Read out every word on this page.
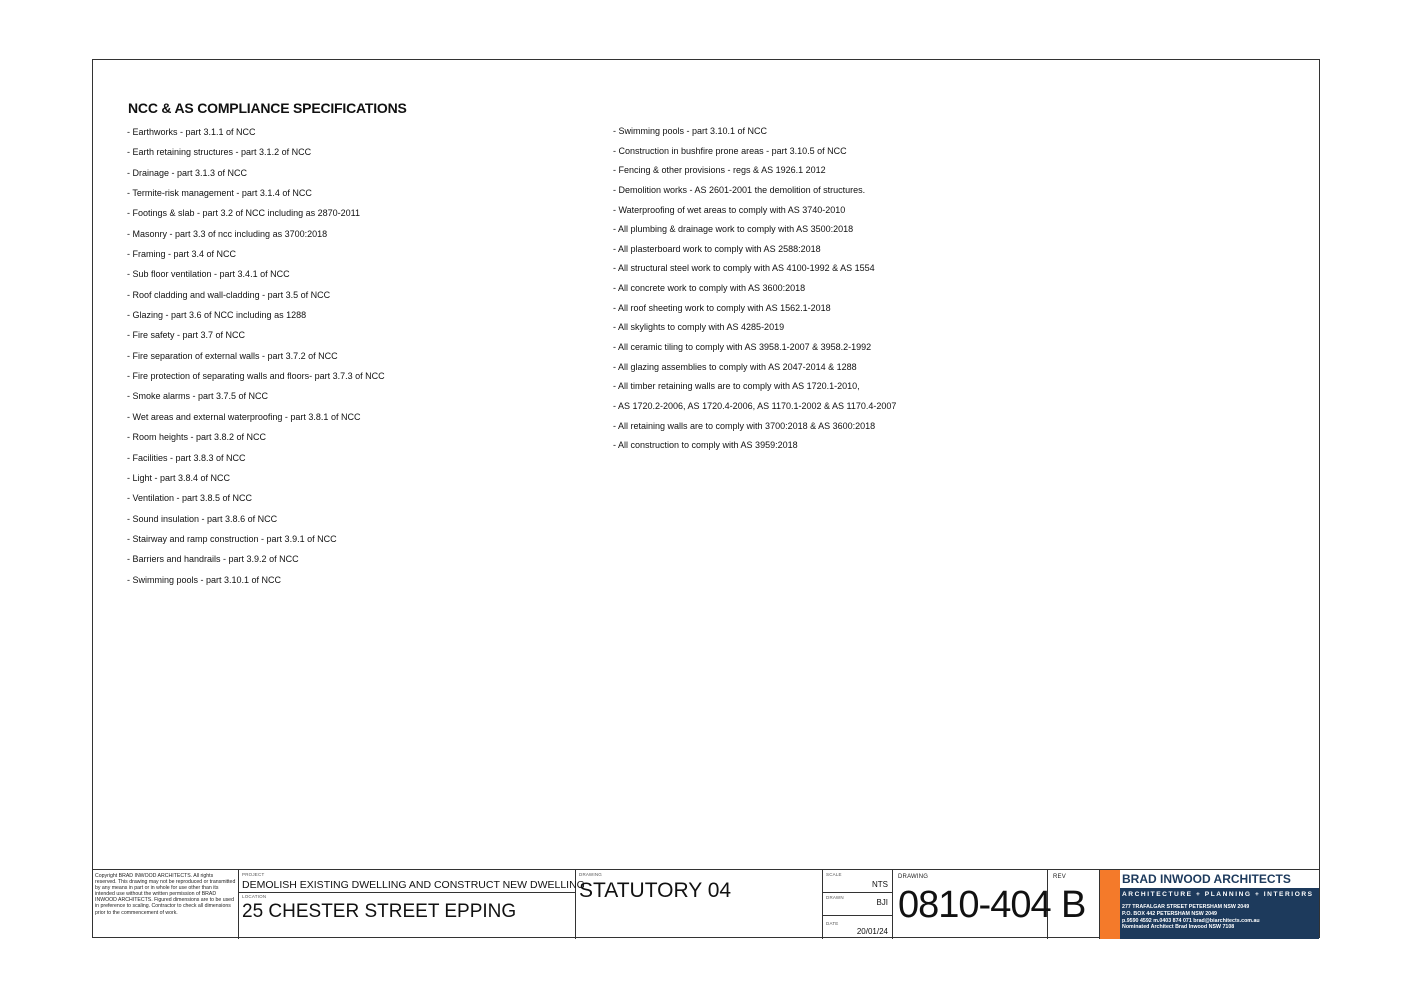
NCC & AS COMPLIANCE SPECIFICATIONS
- Earthworks - part 3.1.1 of NCC
- Earth retaining structures - part 3.1.2 of NCC
- Drainage - part 3.1.3 of NCC
- Termite-risk management - part 3.1.4 of NCC
- Footings & slab - part 3.2 of NCC including as 2870-2011
- Masonry - part 3.3 of ncc including as 3700:2018
- Framing - part 3.4 of NCC
- Sub floor ventilation - part 3.4.1 of NCC
- Roof cladding and wall-cladding - part 3.5 of NCC
- Glazing - part 3.6 of NCC including as 1288
- Fire safety - part 3.7 of NCC
- Fire separation of external walls - part 3.7.2 of NCC
- Fire protection of separating walls and floors- part 3.7.3 of NCC
- Smoke alarms - part 3.7.5 of NCC
- Wet areas and external waterproofing - part 3.8.1 of NCC
- Room heights - part 3.8.2 of NCC
- Facilities - part 3.8.3 of NCC
- Light - part 3.8.4 of NCC
- Ventilation - part 3.8.5 of NCC
- Sound insulation - part 3.8.6 of NCC
- Stairway and ramp construction - part 3.9.1 of NCC
- Barriers and handrails - part 3.9.2 of NCC
- Swimming pools - part 3.10.1 of NCC
- Swimming pools - part 3.10.1 of NCC
- Construction in bushfire prone areas - part 3.10.5 of NCC
- Fencing & other provisions - regs & AS 1926.1 2012
- Demolition works - AS 2601-2001 the demolition of structures.
- Waterproofing of wet areas to comply with AS 3740-2010
- All plumbing & drainage work to comply with AS 3500:2018
- All plasterboard work to comply with AS 2588:2018
- All structural steel work to comply with AS 4100-1992 & AS 1554
- All concrete work to comply with AS 3600:2018
- All roof sheeting work to comply with AS 1562.1-2018
- All skylights to comply with AS 4285-2019
- All ceramic tiling to comply with AS 3958.1-2007 & 3958.2-1992
- All glazing assemblies to comply with AS 2047-2014 & 1288
- All timber retaining walls are to comply with AS 1720.1-2010,
- AS 1720.2-2006, AS 1720.4-2006, AS 1170.1-2002 & AS 1170.4-2007
- All retaining walls are to comply with 3700:2018 & AS 3600:2018
- All construction to comply with AS 3959:2018
Copyright BRAD INWOOD ARCHITECTS. All rights reserved. This drawing may not be reproduced or transmitted by any means in part or in whole for use other than its intended use without the written permission of BRAD INWOOD ARCHITECTS. Figured dimensions are to be used in preference to scaling. Contractor to check all dimensions prior to the commencement of work.
PROJECT
DEMOLISH EXISTING DWELLING AND CONSTRUCT NEW DWELLING
LOCATION
25 CHESTER STREET EPPING
DRAWING
STATUTORY 04
SCALE
NTS
DRAWN
BJI
DATE
20/01/24
DRAWING
0810-404
REV
B
BRAD INWOOD ARCHITECTS
ARCHITECTURE + PLANNING + INTERIORS
277 TRAFALGAR STREET PETERSHAM NSW 2049
P.O. BOX 442 PETERSHAM NSW 2049
p.9590 4592 m.0403 874 071 brad@biarchitects.com.au
Nominated Architect Brad Inwood NSW 7108
